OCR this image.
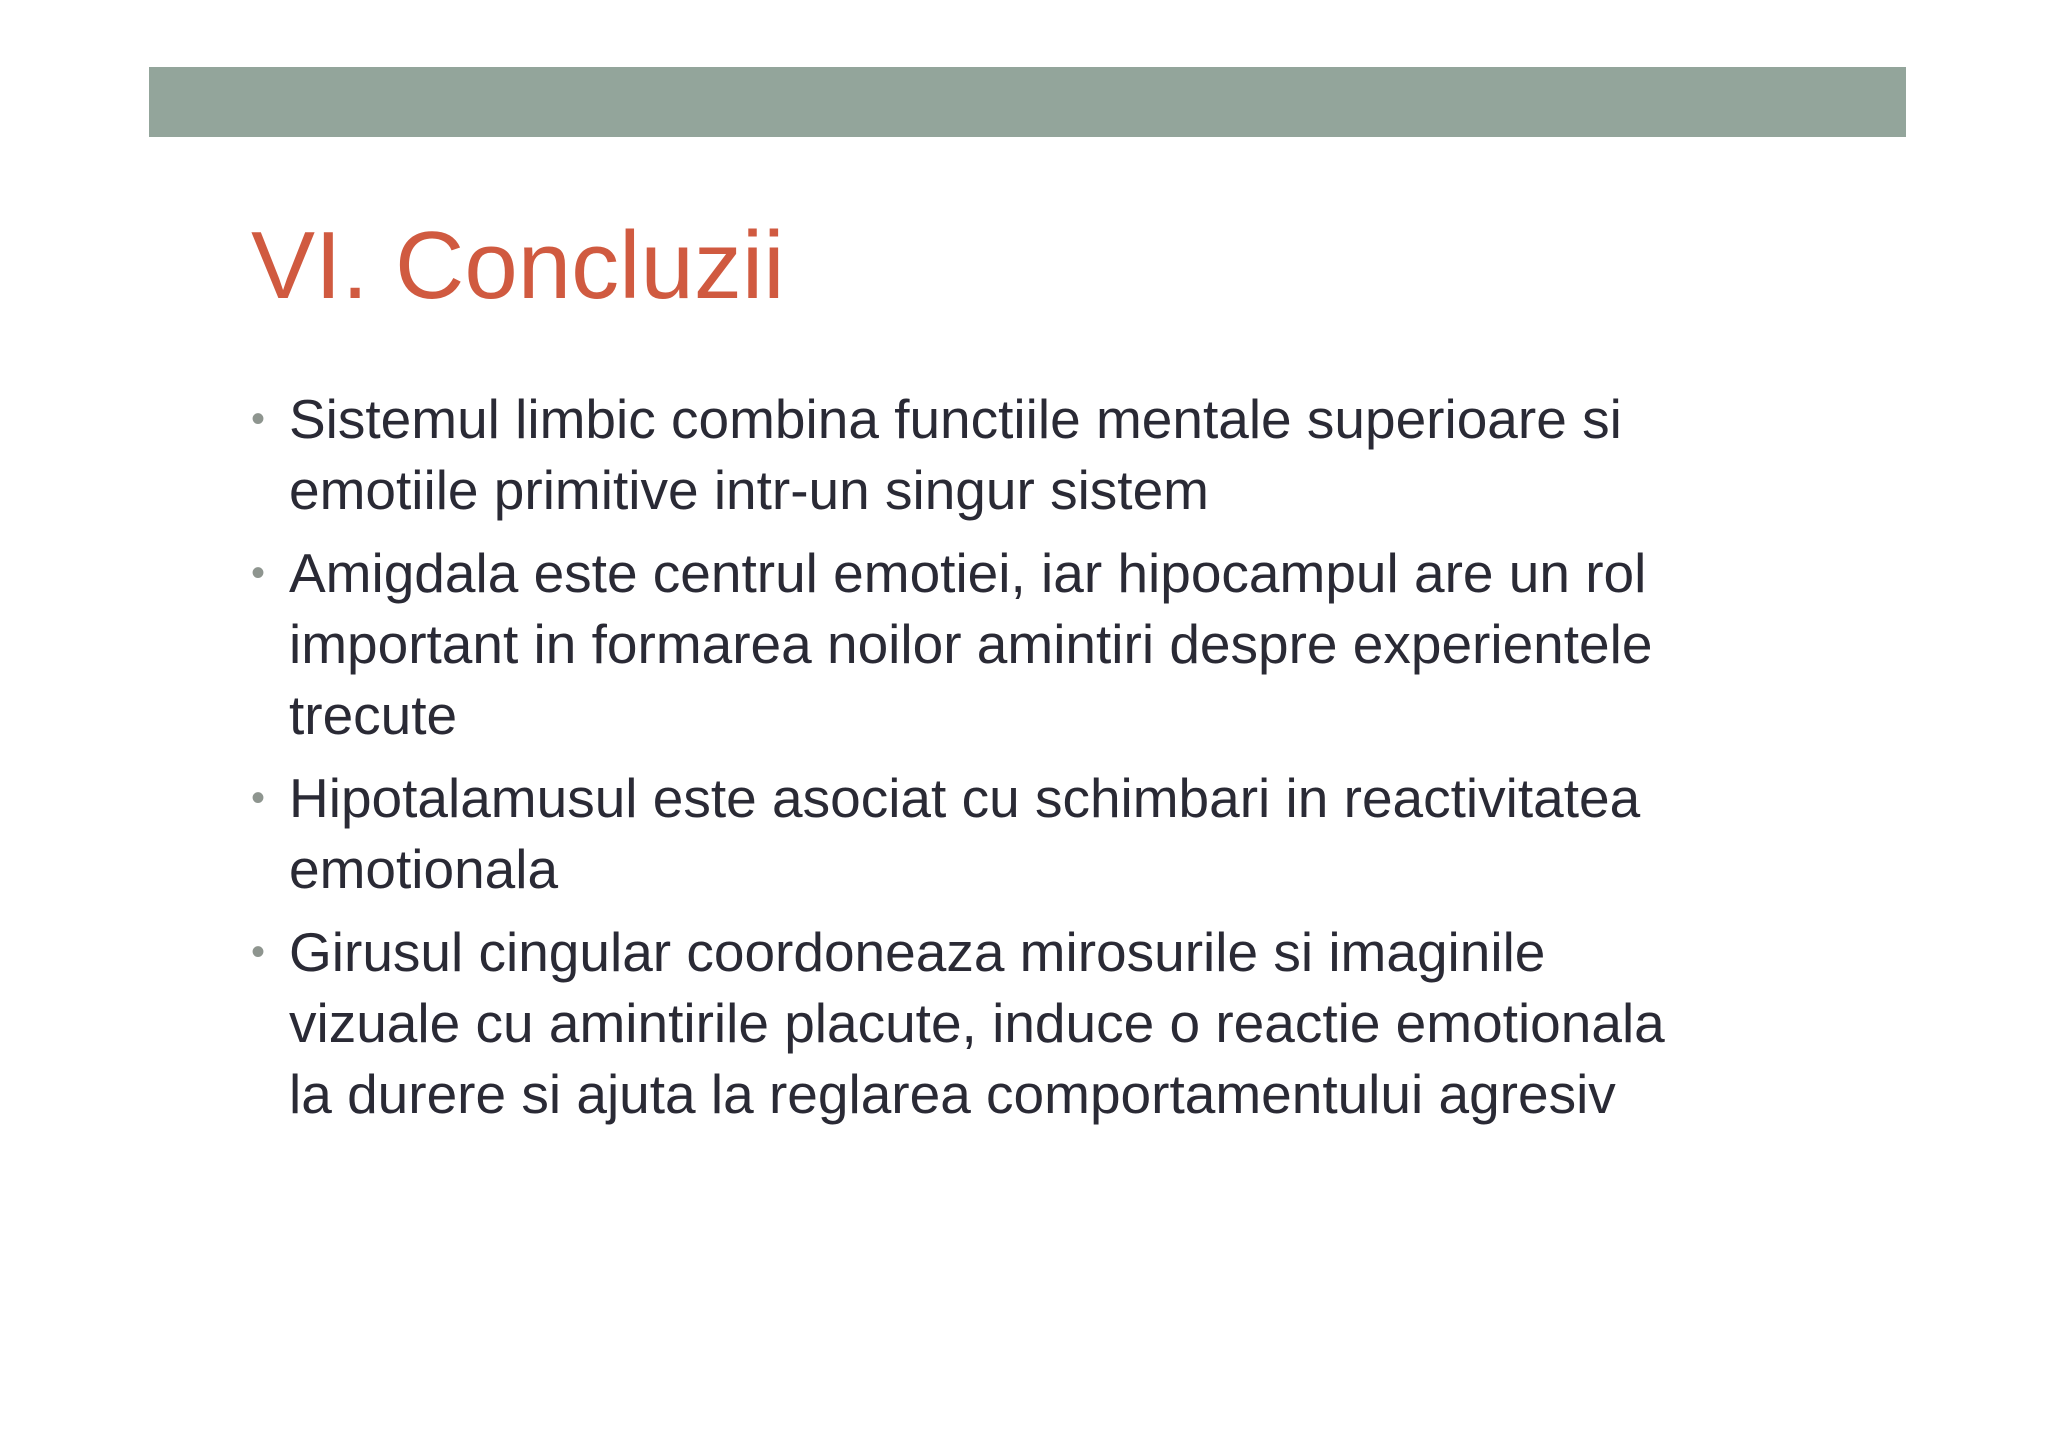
VI. Concluzii
• Sistemul limbic combina functiile mentale superioare si
emotiile primitive intr-un singur sistem
• Amigdala este centrul emotiei, iar hipocampul are un rol
important in formarea noilor amintiri despre experientele
trecute
• Hipotalamusul este asociat cu schimbari in reactivitatea
emotionala
• Girusul cingular coordoneaza mirosurile si imaginile
vizuale cu amintirile placute, induce o reactie emotionala
la durere si ajuta la reglarea comportamentului agresiv
